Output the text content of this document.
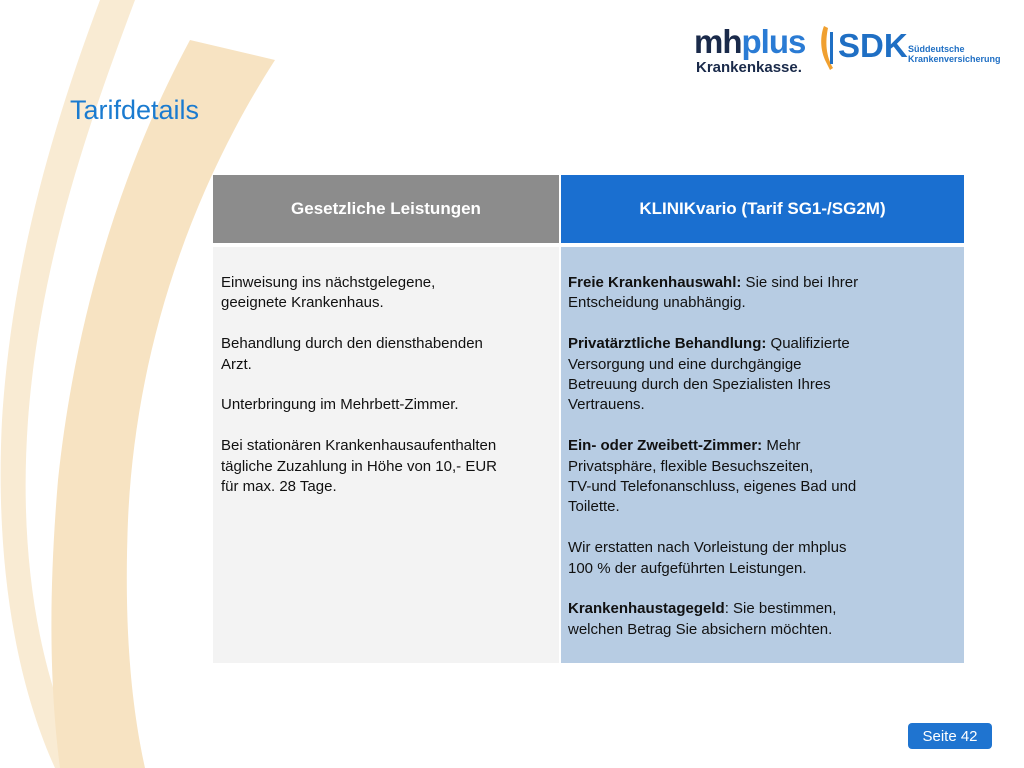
Tarifdetails
mhplus
Krankenkasse.
SDK Süddeutsche
Krankenversicherung
Gesetzliche Leistungen	KLINIKvario (Tarif SG1-/SG2M)

Einweisung ins nächstgelegene,
geeignete Krankenhaus.

Behandlung durch den diensthabenden
Arzt.

Unterbringung im Mehrbett-Zimmer.

Bei stationären Krankenhausaufenthalten
tägliche Zuzahlung in Höhe von 10,- EUR
für max. 28 Tage.

Freie Krankenhauswahl: Sie sind bei Ihrer
Entscheidung unabhängig.

Privatärztliche Behandlung: Qualifizierte
Versorgung und eine durchgängige
Betreuung durch den Spezialisten Ihres
Vertrauens.

Ein- oder Zweibett-Zimmer: Mehr
Privatsphäre, flexible Besuchszeiten,
TV-und Telefonanschluss, eigenes Bad und
Toilette.

Wir erstatten nach Vorleistung der mhplus
100 % der aufgeführten Leistungen.

Krankenhaustagegeld: Sie bestimmen,
welchen Betrag Sie absichern möchten.

Seite 42
